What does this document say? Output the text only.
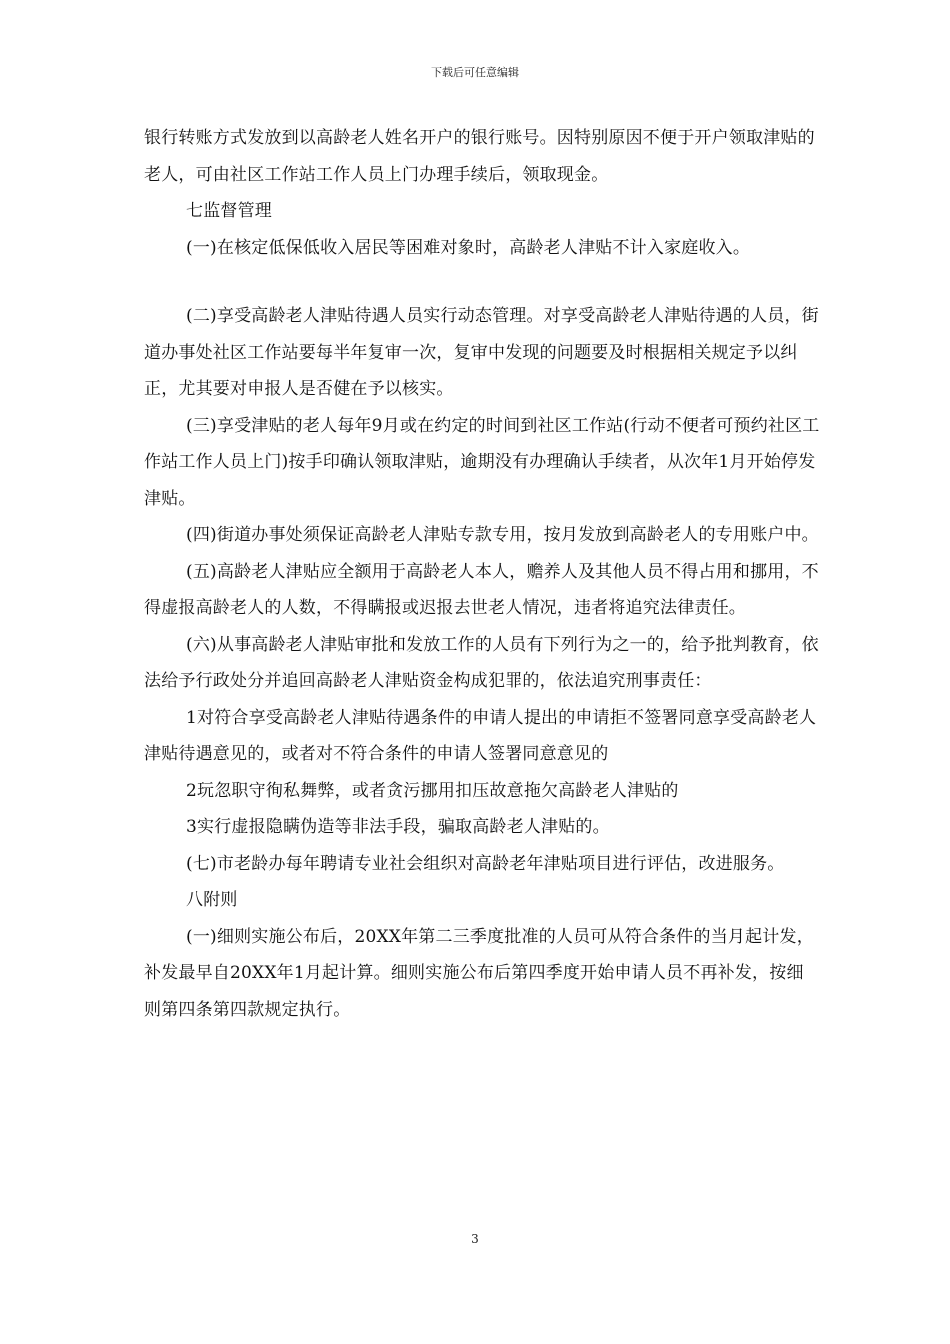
下载后可任意编辑

银行转账方式发放到以高龄老人姓名开户的银行账号。因特别原因不便于开户领取津贴的老人，可由社区工作站工作人员上门办理手续后，领取现金。

七监督管理

(一)在核定低保低收入居民等困难对象时，高龄老人津贴不计入家庭收入。

(二)享受高龄老人津贴待遇人员实行动态管理。对享受高龄老人津贴待遇的人员，街道办事处社区工作站要每半年复审一次，复审中发现的问题要及时根据相关规定予以纠正，尤其要对申报人是否健在予以核实。

(三)享受津贴的老人每年9月或在约定的时间到社区工作站(行动不便者可预约社区工作站工作人员上门)按手印确认领取津贴，逾期没有办理确认手续者，从次年1月开始停发津贴。

(四)街道办事处须保证高龄老人津贴专款专用，按月发放到高龄老人的专用账户中。

(五)高龄老人津贴应全额用于高龄老人本人，赡养人及其他人员不得占用和挪用，不得虚报高龄老人的人数，不得瞒报或迟报去世老人情况，违者将追究法律责任。

(六)从事高龄老人津贴审批和发放工作的人员有下列行为之一的，给予批判教育，依法给予行政处分并追回高龄老人津贴资金构成犯罪的，依法追究刑事责任：

1对符合享受高龄老人津贴待遇条件的申请人提出的申请拒不签署同意享受高龄老人津贴待遇意见的，或者对不符合条件的申请人签署同意意见的

2玩忽职守徇私舞弊，或者贪污挪用扣压故意拖欠高龄老人津贴的

3实行虚报隐瞒伪造等非法手段，骗取高龄老人津贴的。

(七)市老龄办每年聘请专业社会组织对高龄老年津贴项目进行评估，改进服务。

八附则

(一)细则实施公布后，20XX年第二三季度批准的人员可从符合条件的当月起计发，补发最早自20XX年1月起计算。细则实施公布后第四季度开始申请人员不再补发，按细则第四条第四款规定执行。

3
